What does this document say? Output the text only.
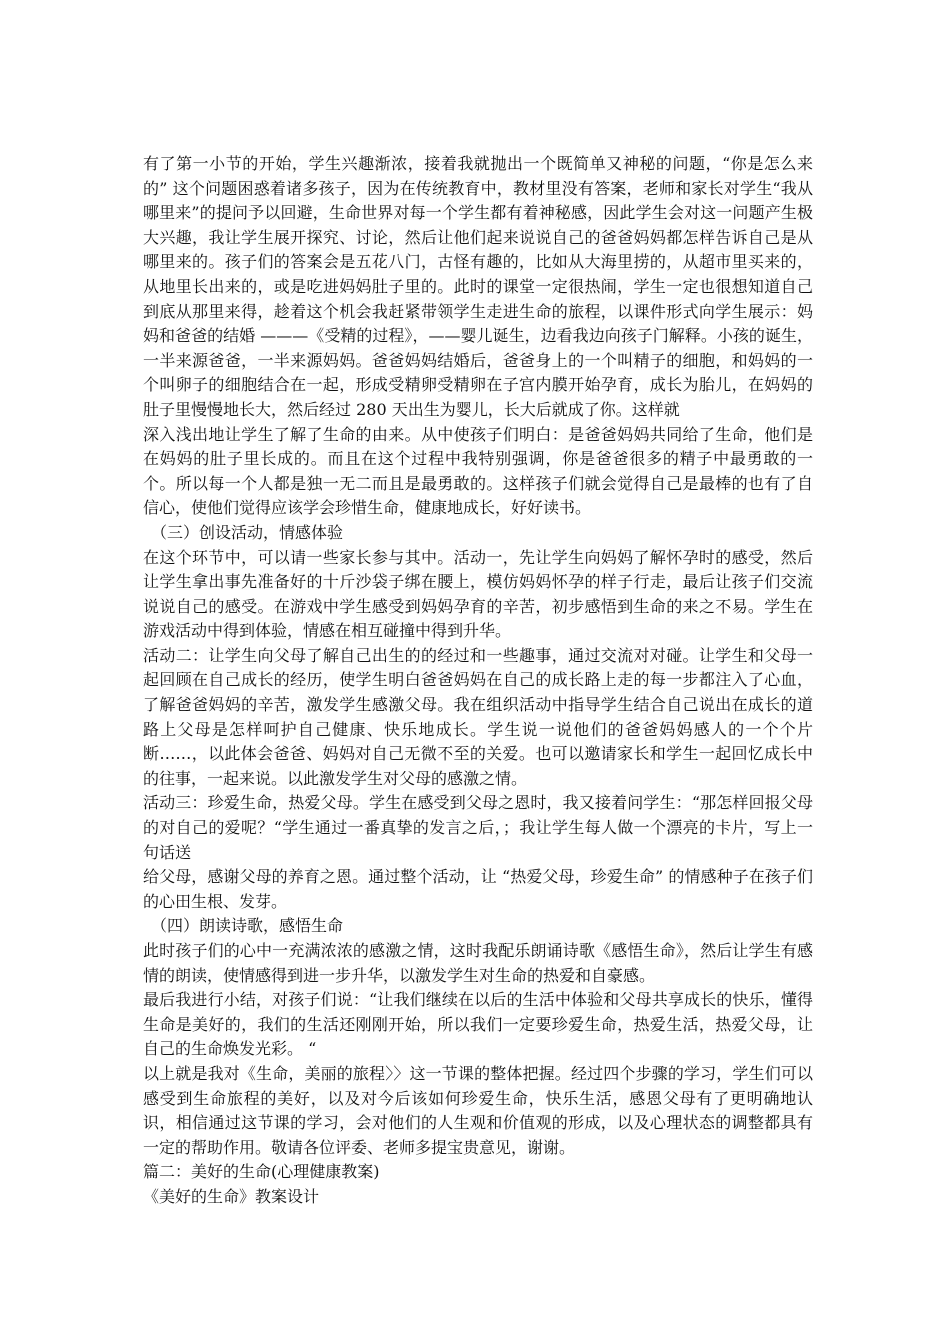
有了第一小节的开始，学生兴趣渐浓，接着我就抛出一个既简单又神秘的问题，“你是怎么来的” 这个问题困惑着诸多孩子，因为在传统教育中，教材里没有答案，老师和家长对学生“我从哪里来”的提问予以回避，生命世界对每一个学生都有着神秘感，因此学生会对这一问题产生极大兴趣，我让学生展开探究、讨论，然后让他们起来说说自己的爸爸妈妈都怎样告诉自己是从哪里来的。孩子们的答案会是五花八门，古怪有趣的，比如从大海里捞的，从超市里买来的，从地里长出来的，或是吃进妈妈肚子里的。此时的课堂一定很热闹，学生一定也很想知道自己到底从那里来得，趁着这个机会我赶紧带领学生走进生命的旅程，以课件形式向学生展示：妈妈和爸爸的结婚 ———《受精的过程》，——婴儿诞生，边看我边向孩子门解释。小孩的诞生，一半来源爸爸，一半来源妈妈。爸爸妈妈结婚后，爸爸身上的一个叫精子的细胞，和妈妈的一个叫卵子的细胞结合在一起，形成受精卵受精卵在子宫内膜开始孕育，成长为胎儿，在妈妈的肚子里慢慢地长大，然后经过 280 天出生为婴儿，长大后就成了你。这样就

深入浅出地让学生了解了生命的由来。从中使孩子们明白：是爸爸妈妈共同给了生命，他们是在妈妈的肚子里长成的。而且在这个过程中我特别强调，你是爸爸很多的精子中最勇敢的一个。所以每一个人都是独一无二而且是最勇敢的。这样孩子们就会觉得自己是最棒的也有了自信心，使他们觉得应该学会珍惜生命，健康地成长，好好读书。

（三）创设活动，情感体验

在这个环节中，可以请一些家长参与其中。活动一，先让学生向妈妈了解怀孕时的感受，然后让学生拿出事先准备好的十斤沙袋子绑在腰上，模仿妈妈怀孕的样子行走，最后让孩子们交流说说自己的感受。在游戏中学生感受到妈妈孕育的辛苦，初步感悟到生命的来之不易。学生在游戏活动中得到体验，情感在相互碰撞中得到升华。

活动二：让学生向父母了解自己出生的的经过和一些趣事，通过交流对对碰。让学生和父母一起回顾在自己成长的经历，使学生明白爸爸妈妈在自己的成长路上走的每一步都注入了心血，了解爸爸妈妈的辛苦，激发学生感激父母。我在组织活动中指导学生结合自己说出在成长的道路上父母是怎样呵护自己健康、快乐地成长。学生说一说他们的爸爸妈妈感人的一个个片断……，以此体会爸爸、妈妈对自己无微不至的关爱。也可以邀请家长和学生一起回忆成长中的往事，一起来说。以此激发学生对父母的感激之情。

活动三：珍爱生命，热爱父母。学生在感受到父母之恩时，我又接着问学生：“那怎样回报父母的对自己的爱呢？“学生通过一番真挚的发言之后，；我让学生每人做一个漂亮的卡片，写上一句话送

给父母，感谢父母的养育之恩。通过整个活动，让 “热爱父母，珍爱生命” 的情感种子在孩子们的心田生根、发芽。

（四）朗读诗歌，感悟生命

此时孩子们的心中一充满浓浓的感激之情，这时我配乐朗诵诗歌《感悟生命》，然后让学生有感情的朗读，使情感得到进一步升华，以激发学生对生命的热爱和自豪感。

最后我进行小结，对孩子们说：“让我们继续在以后的生活中体验和父母共享成长的快乐，懂得生命是美好的，我们的生活还刚刚开始，所以我们一定要珍爱生命，热爱生活，热爱父母，让自己的生命焕发光彩。 “

以上就是我对《生命，美丽的旅程〉〉这一节课的整体把握。经过四个步骤的学习，学生们可以感受到生命旅程的美好，以及对今后该如何珍爱生命，快乐生活，感恩父母有了更明确地认识，相信通过这节课的学习，会对他们的人生观和价值观的形成，以及心理状态的调整都具有一定的帮助作用。敬请各位评委、老师多提宝贵意见，谢谢。

篇二：美好的生命(心理健康教案)

《美好的生命》教案设计
